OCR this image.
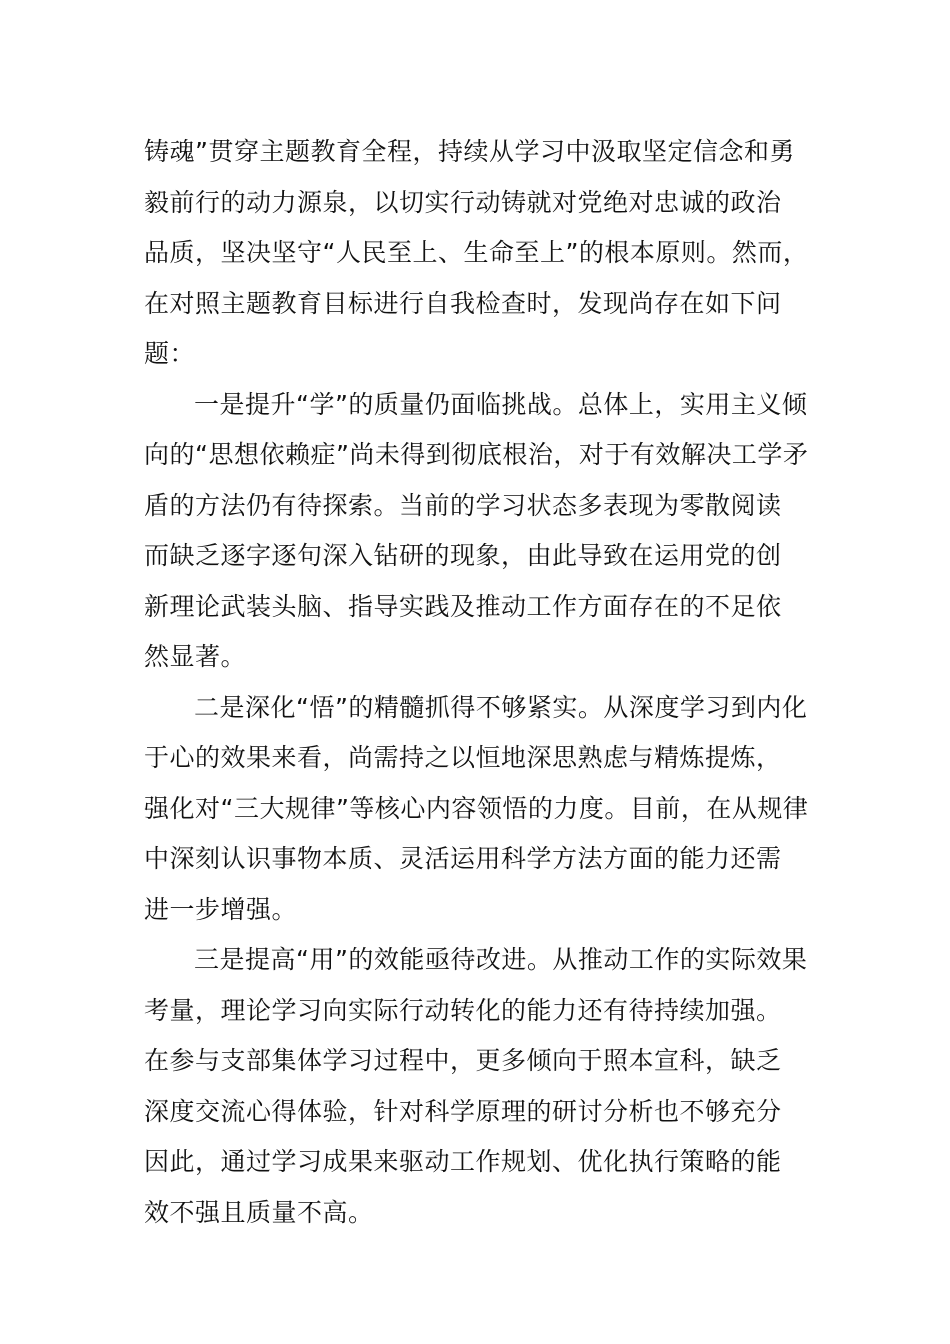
铸魂”贯穿主题教育全程，持续从学习中汲取坚定信念和勇
毅前行的动力源泉，以切实行动铸就对党绝对忠诚的政治
品质，坚决坚守“人民至上、生命至上”的根本原则。然而，
在对照主题教育目标进行自我检查时，发现尚存在如下问
题：
一是提升“学”的质量仍面临挑战。总体上，实用主义倾
向的“思想依赖症”尚未得到彻底根治，对于有效解决工学矛
盾的方法仍有待探索。当前的学习状态多表现为零散阅读
而缺乏逐字逐句深入钻研的现象，由此导致在运用党的创
新理论武装头脑、指导实践及推动工作方面存在的不足依
然显著。
二是深化“悟”的精髓抓得不够紧实。从深度学习到内化
于心的效果来看，尚需持之以恒地深思熟虑与精炼提炼，
强化对“三大规律”等核心内容领悟的力度。目前，在从规律
中深刻认识事物本质、灵活运用科学方法方面的能力还需
进一步增强。
三是提高“用”的效能亟待改进。从推动工作的实际效果
考量，理论学习向实际行动转化的能力还有待持续加强。
在参与支部集体学习过程中，更多倾向于照本宣科，缺乏
深度交流心得体验，针对科学原理的研讨分析也不够充分
因此，通过学习成果来驱动工作规划、优化执行策略的能
效不强且质量不高。
